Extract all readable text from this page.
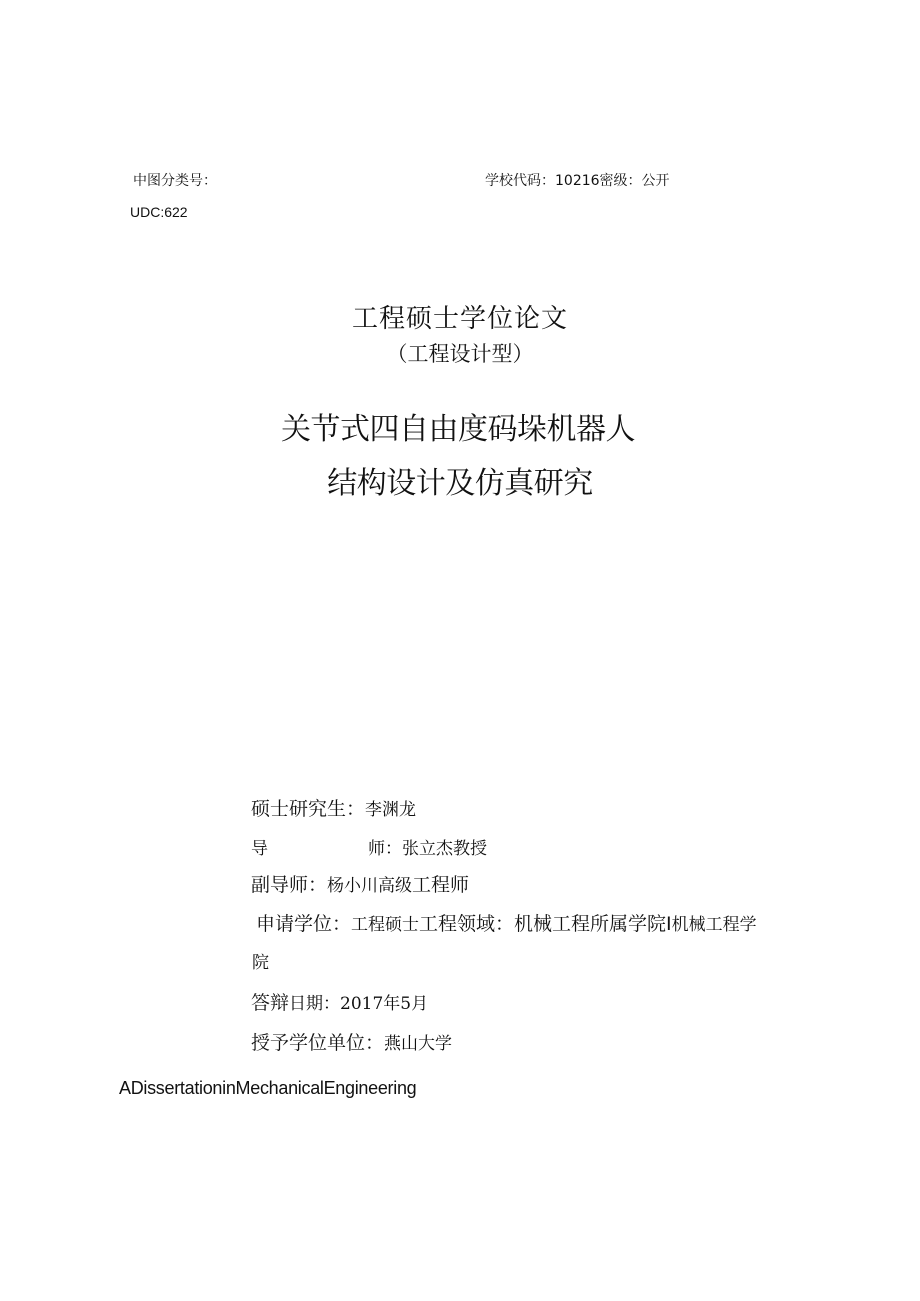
中图分类号：	学校代码：10216密级：公开
UDC:622
工程硕士学位论文
（工程设计型）
关节式四自由度码垛机器人
结构设计及仿真研究
硕士研究生：李渊龙
导	师：张立杰教授
副导师：杨小川高级工程师
申请学位：工程硕士工程领域：机械工程所属学院I机械工程学
院
答辩日期：2017年5月
授予学位单位：燕山大学
ADissertationinMechanicalEngineering
